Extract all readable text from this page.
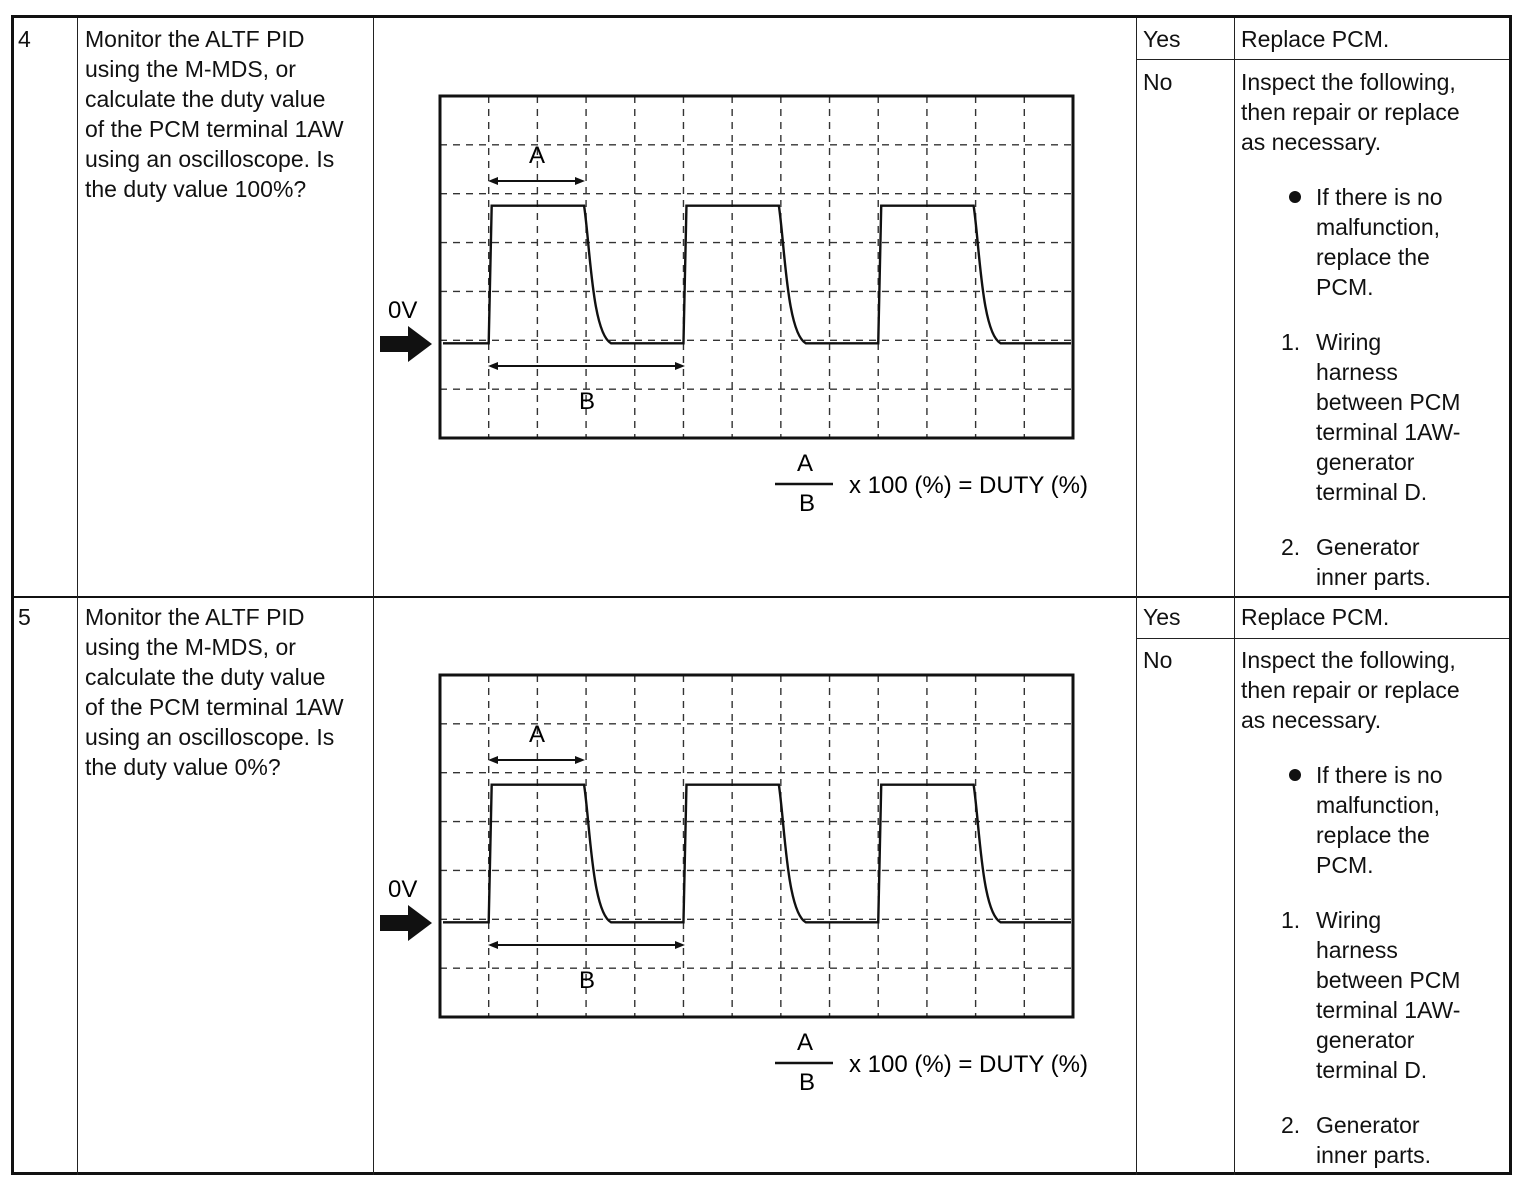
4 Monitor the ALTF PID
using the M-MDS, or
calculate the duty value
of the PCM terminal 1AW
using an oscilloscope. Is
the duty value 100%?
A
B
0V
A
B
x 100 (%) = DUTY (%)
Yes
No
Replace PCM.
Inspect the following,
then repair or replace
as necessary.
If there is no
malfunction,
replace the
PCM.
1. Wiring
harness
between PCM
terminal 1AW-
generator
terminal D.
2. Generator
inner parts.
5 Monitor the ALTF PID
using the M-MDS, or
calculate the duty value
of the PCM terminal 1AW
using an oscilloscope. Is
the duty value 0%?
A
B
0V
A
B
x 100 (%) = DUTY (%)
Yes
No
Replace PCM.
Inspect the following,
then repair or replace
as necessary.
If there is no
malfunction,
replace the
PCM.
1. Wiring
harness
between PCM
terminal 1AW-
generator
terminal D.
2. Generator
inner parts.
